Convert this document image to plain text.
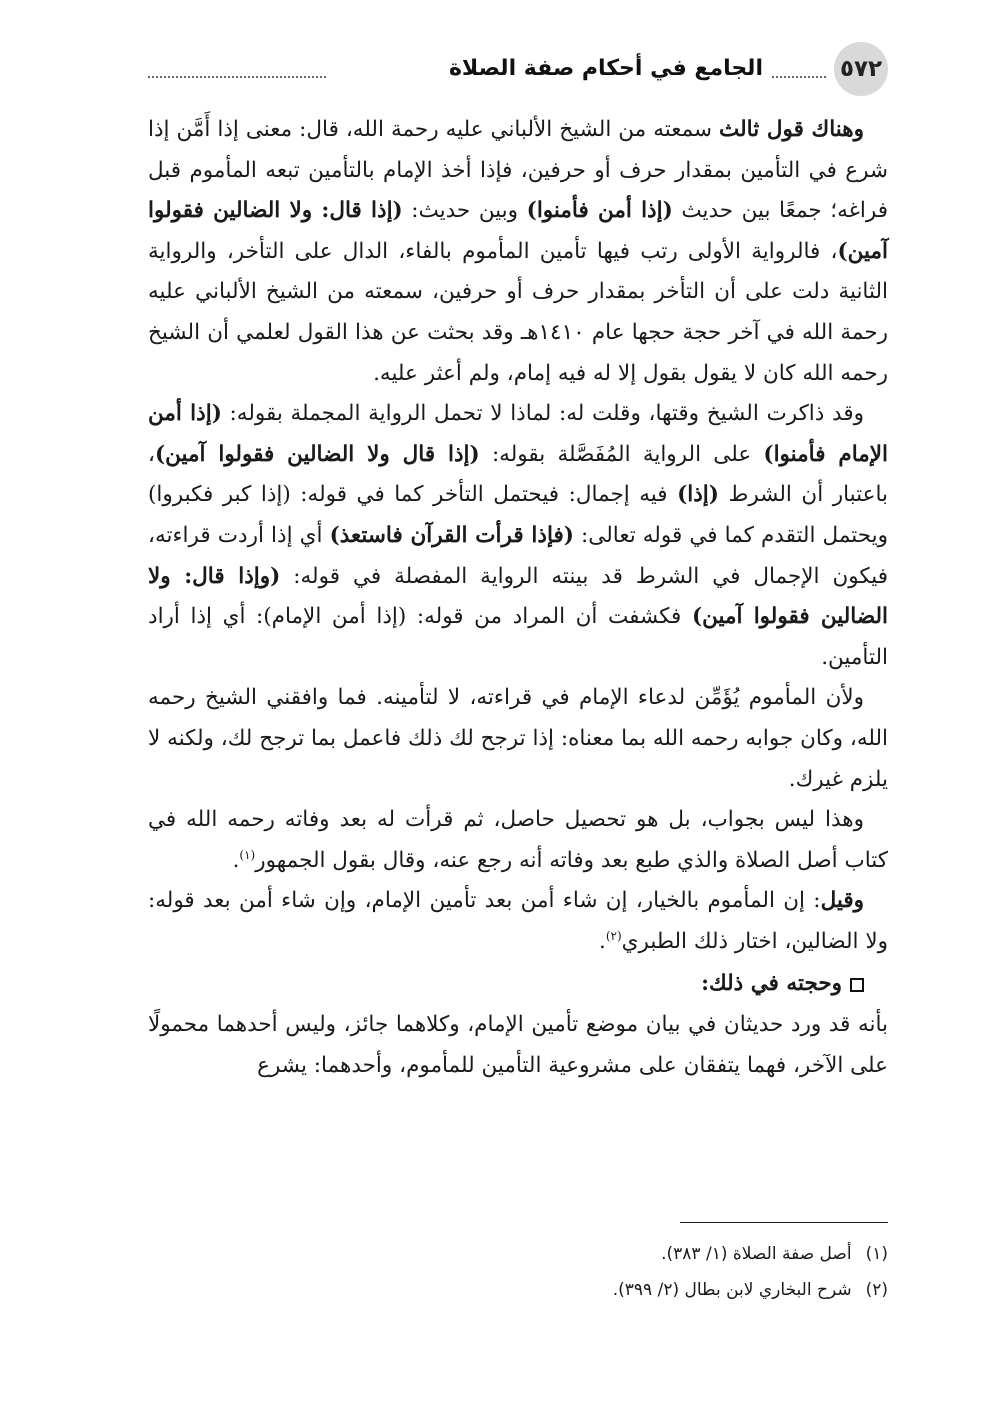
٥٧٢
الجامع في أحكام صفة الصلاة

وهناك قول ثالث سمعته من الشيخ الألباني عليه رحمة الله، قال: معنى إذا أَمَّن إذا شرع في التأمين بمقدار حرف أو حرفين، فإذا أخذ الإمام بالتأمين تبعه المأموم قبل فراغه؛ جمعًا بين حديث (إذا أمن فأمنوا) وبين حديث: (إذا قال: ولا الضالين فقولوا آمين)، فالرواية الأولى رتب فيها تأمين المأموم بالفاء، الدال على التأخر، والرواية الثانية دلت على أن التأخر بمقدار حرف أو حرفين، سمعته من الشيخ الألباني عليه رحمة الله في آخر حجة حجها عام ١٤١٠هـ وقد بحثت عن هذا القول لعلمي أن الشيخ رحمه الله كان لا يقول بقول إلا له فيه إمام، ولم أعثر عليه.

وقد ذاكرت الشيخ وقتها، وقلت له: لماذا لا تحمل الرواية المجملة بقوله: (إذا أمن الإمام فأمنوا) على الرواية المُفَصَّلة بقوله: (إذا قال ولا الضالين فقولوا آمين)، باعتبار أن الشرط (إذا) فيه إجمال: فيحتمل التأخر كما في قوله: (إذا كبر فكبروا) ويحتمل التقدم كما في قوله تعالى: (فإذا قرأت القرآن فاستعذ) أي إذا أردت قراءته، فيكون الإجمال في الشرط قد بينته الرواية المفصلة في قوله: (وإذا قال: ولا الضالين فقولوا آمين) فكشفت أن المراد من قوله: (إذا أمن الإمام): أي إذا أراد التأمين.

ولأن المأموم يُؤَمِّن لدعاء الإمام في قراءته، لا لتأمينه. فما وافقني الشيخ رحمه الله، وكان جوابه رحمه الله بما معناه: إذا ترجح لك ذلك فاعمل بما ترجح لك، ولكنه لا يلزم غيرك.

وهذا ليس بجواب، بل هو تحصيل حاصل، ثم قرأت له بعد وفاته رحمه الله في كتاب أصل الصلاة والذي طبع بعد وفاته أنه رجع عنه، وقال بقول الجمهور$^{(١)}$.

وقيل: إن المأموم بالخيار، إن شاء أمن بعد تأمين الإمام، وإن شاء أمن بعد قوله: ولا الضالين، اختار ذلك الطبري$^{(٢)}$.

وحجته في ذلك:

بأنه قد ورد حديثان في بيان موضع تأمين الإمام، وكلاهما جائز، وليس أحدهما محمولًا على الآخر، فهما يتفقان على مشروعية التأمين للمأموم، وأحدهما: يشرع

(١)
أصل صفة الصلاة (١/ ٣٨٣).
(٢)
شرح البخاري لابن بطال (٢/ ٣٩٩).
